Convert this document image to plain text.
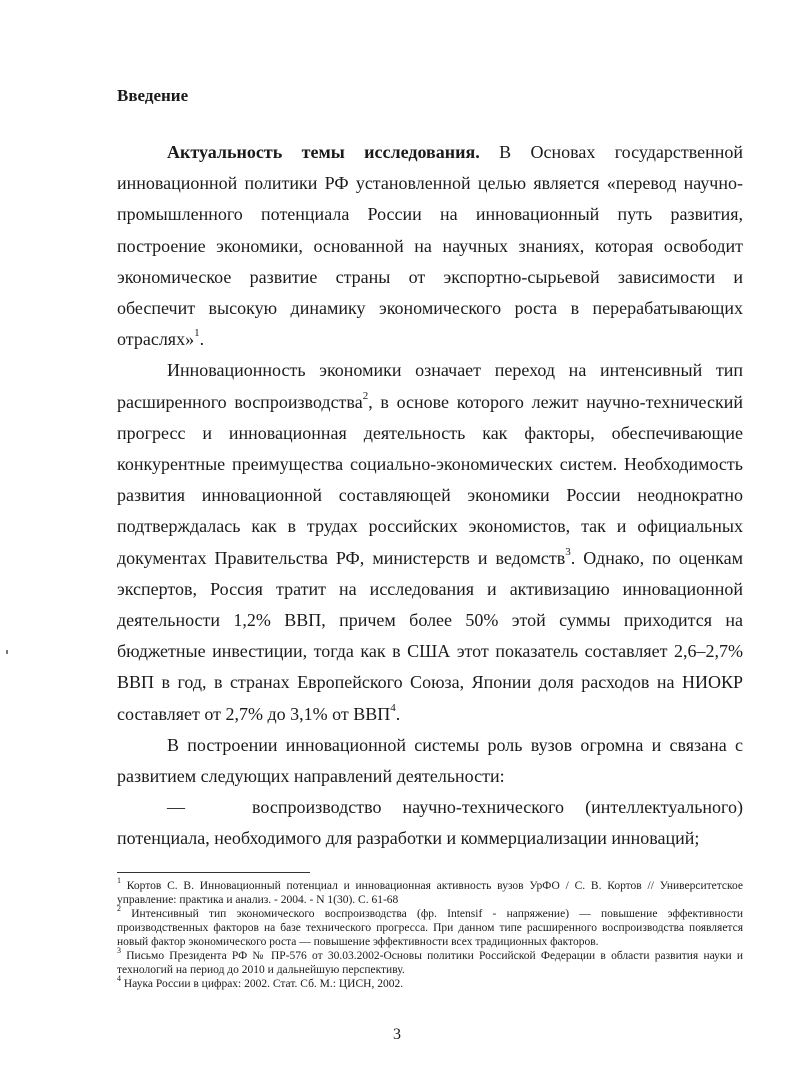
Введение

Актуальность темы исследования. В Основах государственной инновационной политики РФ установленной целью является «перевод научно-промышленного потенциала России на инновационный путь развития, построение экономики, основанной на научных знаниях, которая освободит экономическое развитие страны от экспортно-сырьевой зависимости и обеспечит высокую динамику экономического роста в перерабатывающих отраслях»$^1$.

Инновационность экономики означает переход на интенсивный тип расширенного воспроизводства$^2$, в основе которого лежит научно-технический прогресс и инновационная деятельность как факторы, обеспечивающие конкурентные преимущества социально-экономических систем. Необходимость развития инновационной составляющей экономики России неоднократно подтверждалась как в трудах российских экономистов, так и официальных документах Правительства РФ, министерств и ведомств$^3$. Однако, по оценкам экспертов, Россия тратит на исследования и активизацию инновационной деятельности 1,2% ВВП, причем более 50% этой суммы приходится на бюджетные инвестиции, тогда как в США этот показатель составляет 2,6–2,7% ВВП в год, в странах Европейского Союза, Японии доля расходов на НИОКР составляет от 2,7% до 3,1% от ВВП$^4$.

В построении инновационной системы роль вузов огромна и связана с развитием следующих направлений деятельности:

—	воспроизводство научно-технического (интеллектуального)
потенциала, необходимого для разработки и коммерциализации инноваций;

$^1$ Кортов С. В. Инновационный потенциал и инновационная активность вузов УрФО / С. В. Кортов // Университетское управление: практика и анализ. - 2004. - N 1(30). С. 61-68

$^2$ Интенсивный тип экономического воспроизводства (фр. Intensif - напряжение) — повышение эффективности производственных факторов на базе технического прогресса. При данном типе расширенного воспроизводства появляется новый фактор экономического роста — повышение эффективности всех традиционных факторов.

$^3$ Письмо Президента РФ № ПР-576 от 30.03.2002-Основы политики Российской Федерации в области развития науки и технологий на период до 2010 и дальнейшую перспективу.

$^4$ Наука России в цифрах: 2002. Стат. Сб. М.: ЦИСН, 2002.

3
